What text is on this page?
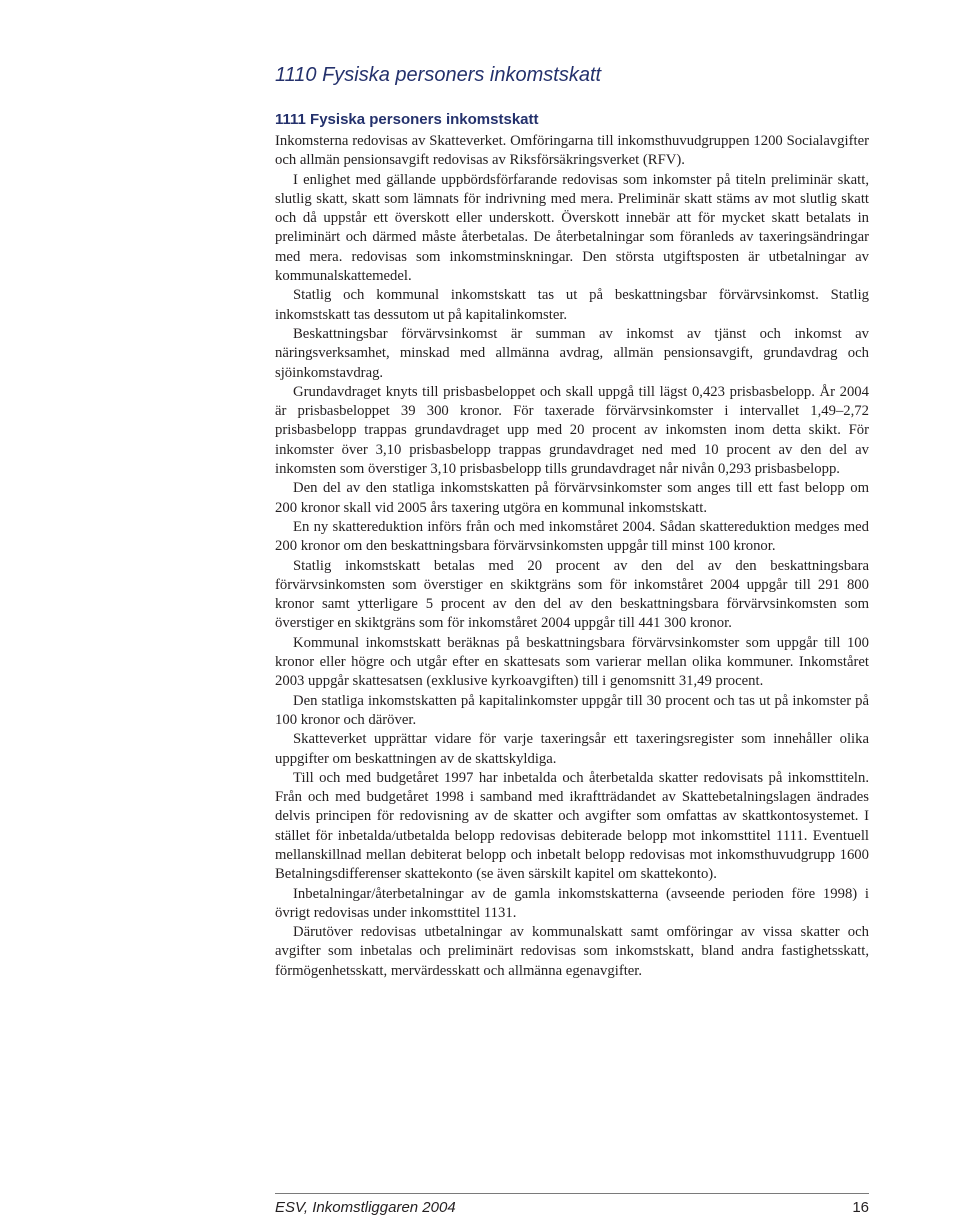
1110 Fysiska personers inkomstskatt
1111 Fysiska personers inkomstskatt

Inkomsterna redovisas av Skatteverket. Omföringarna till inkomsthuvudgruppen 1200 Socialavgifter och allmän pensionsavgift redovisas av Riksförsäkringsverket (RFV).

I enlighet med gällande uppbördsförfarande redovisas som inkomster på titeln preliminär skatt, slutlig skatt, skatt som lämnats för indrivning med mera. Preliminär skatt stäms av mot slutlig skatt och då uppstår ett överskott eller underskott. Överskott innebär att för mycket skatt betalats in preliminärt och därmed måste återbetalas. De återbetalningar som föranleds av taxeringsändringar med mera. redovisas som inkomstminskningar. Den största utgiftsposten är utbetalningar av kommunalskattemedel.

Statlig och kommunal inkomstskatt tas ut på beskattningsbar förvärvsinkomst. Statlig inkomstskatt tas dessutom ut på kapitalinkomster.

Beskattningsbar förvärvsinkomst är summan av inkomst av tjänst och inkomst av näringsverksamhet, minskad med allmänna avdrag, allmän pensionsavgift, grundavdrag och sjöinkomstavdrag.

Grundavdraget knyts till prisbasbeloppet och skall uppgå till lägst 0,423 prisbasbelopp. År 2004 är prisbasbeloppet 39 300 kronor. För taxerade förvärvsinkomster i intervallet 1,49–2,72 prisbasbelopp trappas grundavdraget upp med 20 procent av inkomsten inom detta skikt. För inkomster över 3,10 prisbasbelopp trappas grundavdraget ned med 10 procent av den del av inkomsten som överstiger 3,10 prisbasbelopp tills grundavdraget når nivån 0,293 prisbasbelopp.

Den del av den statliga inkomstskatten på förvärvsinkomster som anges till ett fast belopp om 200 kronor skall vid 2005 års taxering utgöra en kommunal inkomstskatt.

En ny skattereduktion införs från och med inkomståret 2004. Sådan skattereduktion medges med 200 kronor om den beskattningsbara förvärvsinkomsten uppgår till minst 100 kronor.

Statlig inkomstskatt betalas med 20 procent av den del av den beskattningsbara förvärvsinkomsten som överstiger en skiktgräns som för inkomståret 2004 uppgår till 291 800 kronor samt ytterligare 5 procent av den del av den beskattningsbara förvärvsinkomsten som överstiger en skiktgräns som för inkomståret 2004 uppgår till 441 300 kronor.

Kommunal inkomstskatt beräknas på beskattningsbara förvärvsinkomster som uppgår till 100 kronor eller högre och utgår efter en skattesats som varierar mellan olika kommuner. Inkomståret 2003 uppgår skattesatsen (exklusive kyrkoavgiften) till i genomsnitt 31,49 procent.

Den statliga inkomstskatten på kapitalinkomster uppgår till 30 procent och tas ut på inkomster på 100 kronor och däröver.

Skatteverket upprättar vidare för varje taxeringsår ett taxeringsregister som innehåller olika uppgifter om beskattningen av de skattskyldiga.

Till och med budgetåret 1997 har inbetalda och återbetalda skatter redovisats på inkomsttiteln. Från och med budgetåret 1998 i samband med ikraftträdandet av Skattebetalningslagen ändrades delvis principen för redovisning av de skatter och avgifter som omfattas av skattkontosystemet. I stället för inbetalda/utbetalda belopp redovisas debiterade belopp mot inkomsttitel 1111. Eventuell mellanskillnad mellan debiterat belopp och inbetalt belopp redovisas mot inkomsthuvudgrupp 1600 Betalningsdifferenser skattekonto (se även särskilt kapitel om skattekonto).

Inbetalningar/återbetalningar av de gamla inkomstskatterna (avseende perioden före 1998) i övrigt redovisas under inkomsttitel 1131.

Därutöver redovisas utbetalningar av kommunalskatt samt omföringar av vissa skatter och avgifter som inbetalas och preliminärt redovisas som inkomstskatt, bland andra fastighetsskatt, förmögenhetsskatt, mervärdesskatt och allmänna egenavgifter.

ESV, Inkomstliggaren 2004	16
